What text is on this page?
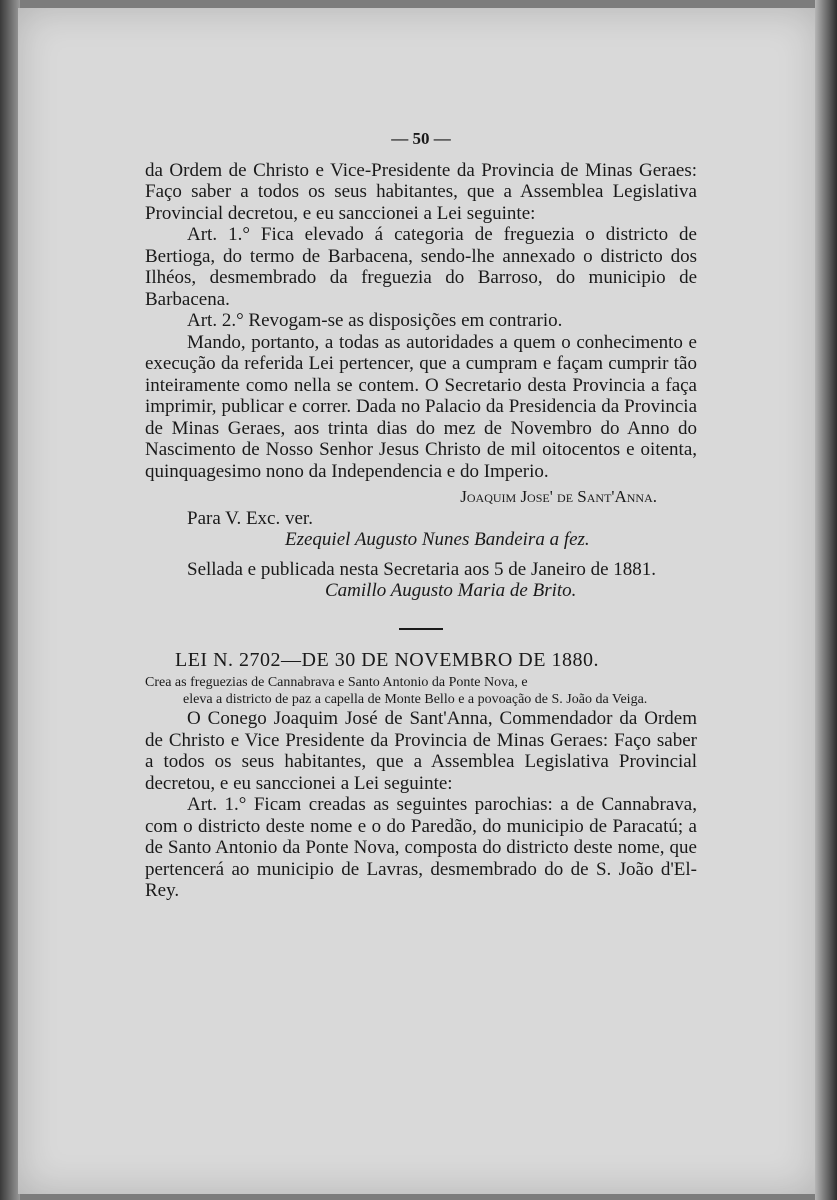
— 50 —

da Ordem de Christo e Vice-Presidente da Provincia de Minas Geraes: Faço saber a todos os seus habitantes, que a Assemblea Legislativa Provincial decretou, e eu sanccionei a Lei seguinte:

Art. 1.° Fica elevado á categoria de freguezia o districto de Bertioga, do termo de Barbacena, sendo-lhe annexado o districto dos Ilhéos, desmembrado da freguezia do Barroso, do municipio de Barbacena.

Art. 2.° Revogam-se as disposições em contrario.

Mando, portanto, a todas as autoridades a quem o conhecimento e execução da referida Lei pertencer, que a cumpram e façam cumprir tão inteiramente como nella se contem. O Secretario desta Provincia a faça imprimir, publicar e correr. Dada no Palacio da Presidencia da Provincia de Minas Geraes, aos trinta dias do mez de Novembro do Anno do Nascimento de Nosso Senhor Jesus Christo de mil oitocentos e oitenta, quinquagesimo nono da Independencia e do Imperio.

Joaquim Jose' de Sant'Anna.

Para V. Exc. ver.

Ezequiel Augusto Nunes Bandeira a fez.

Sellada e publicada nesta Secretaria aos 5 de Janeiro de 1881.

Camillo Augusto Maria de Brito.

LEI N. 2702—DE 30 DE NOVEMBRO DE 1880.
Crea as freguezias de Cannabrava e Santo Antonio da Ponte Nova, e
eleva a districto de paz a capella de Monte Bello e a povoação de S. João da Veiga.

O Conego Joaquim José de Sant'Anna, Commendador da Ordem de Christo e Vice Presidente da Provincia de Minas Geraes: Faço saber a todos os seus habitantes, que a Assemblea Legislativa Provincial decretou, e eu sanccionei a Lei seguinte:

Art. 1.° Ficam creadas as seguintes parochias: a de Cannabrava, com o districto deste nome e o do Paredão, do municipio de Paracatú; a de Santo Antonio da Ponte Nova, composta do districto deste nome, que pertencerá ao municipio de Lavras, desmembrado do de S. João d'El-Rey.
